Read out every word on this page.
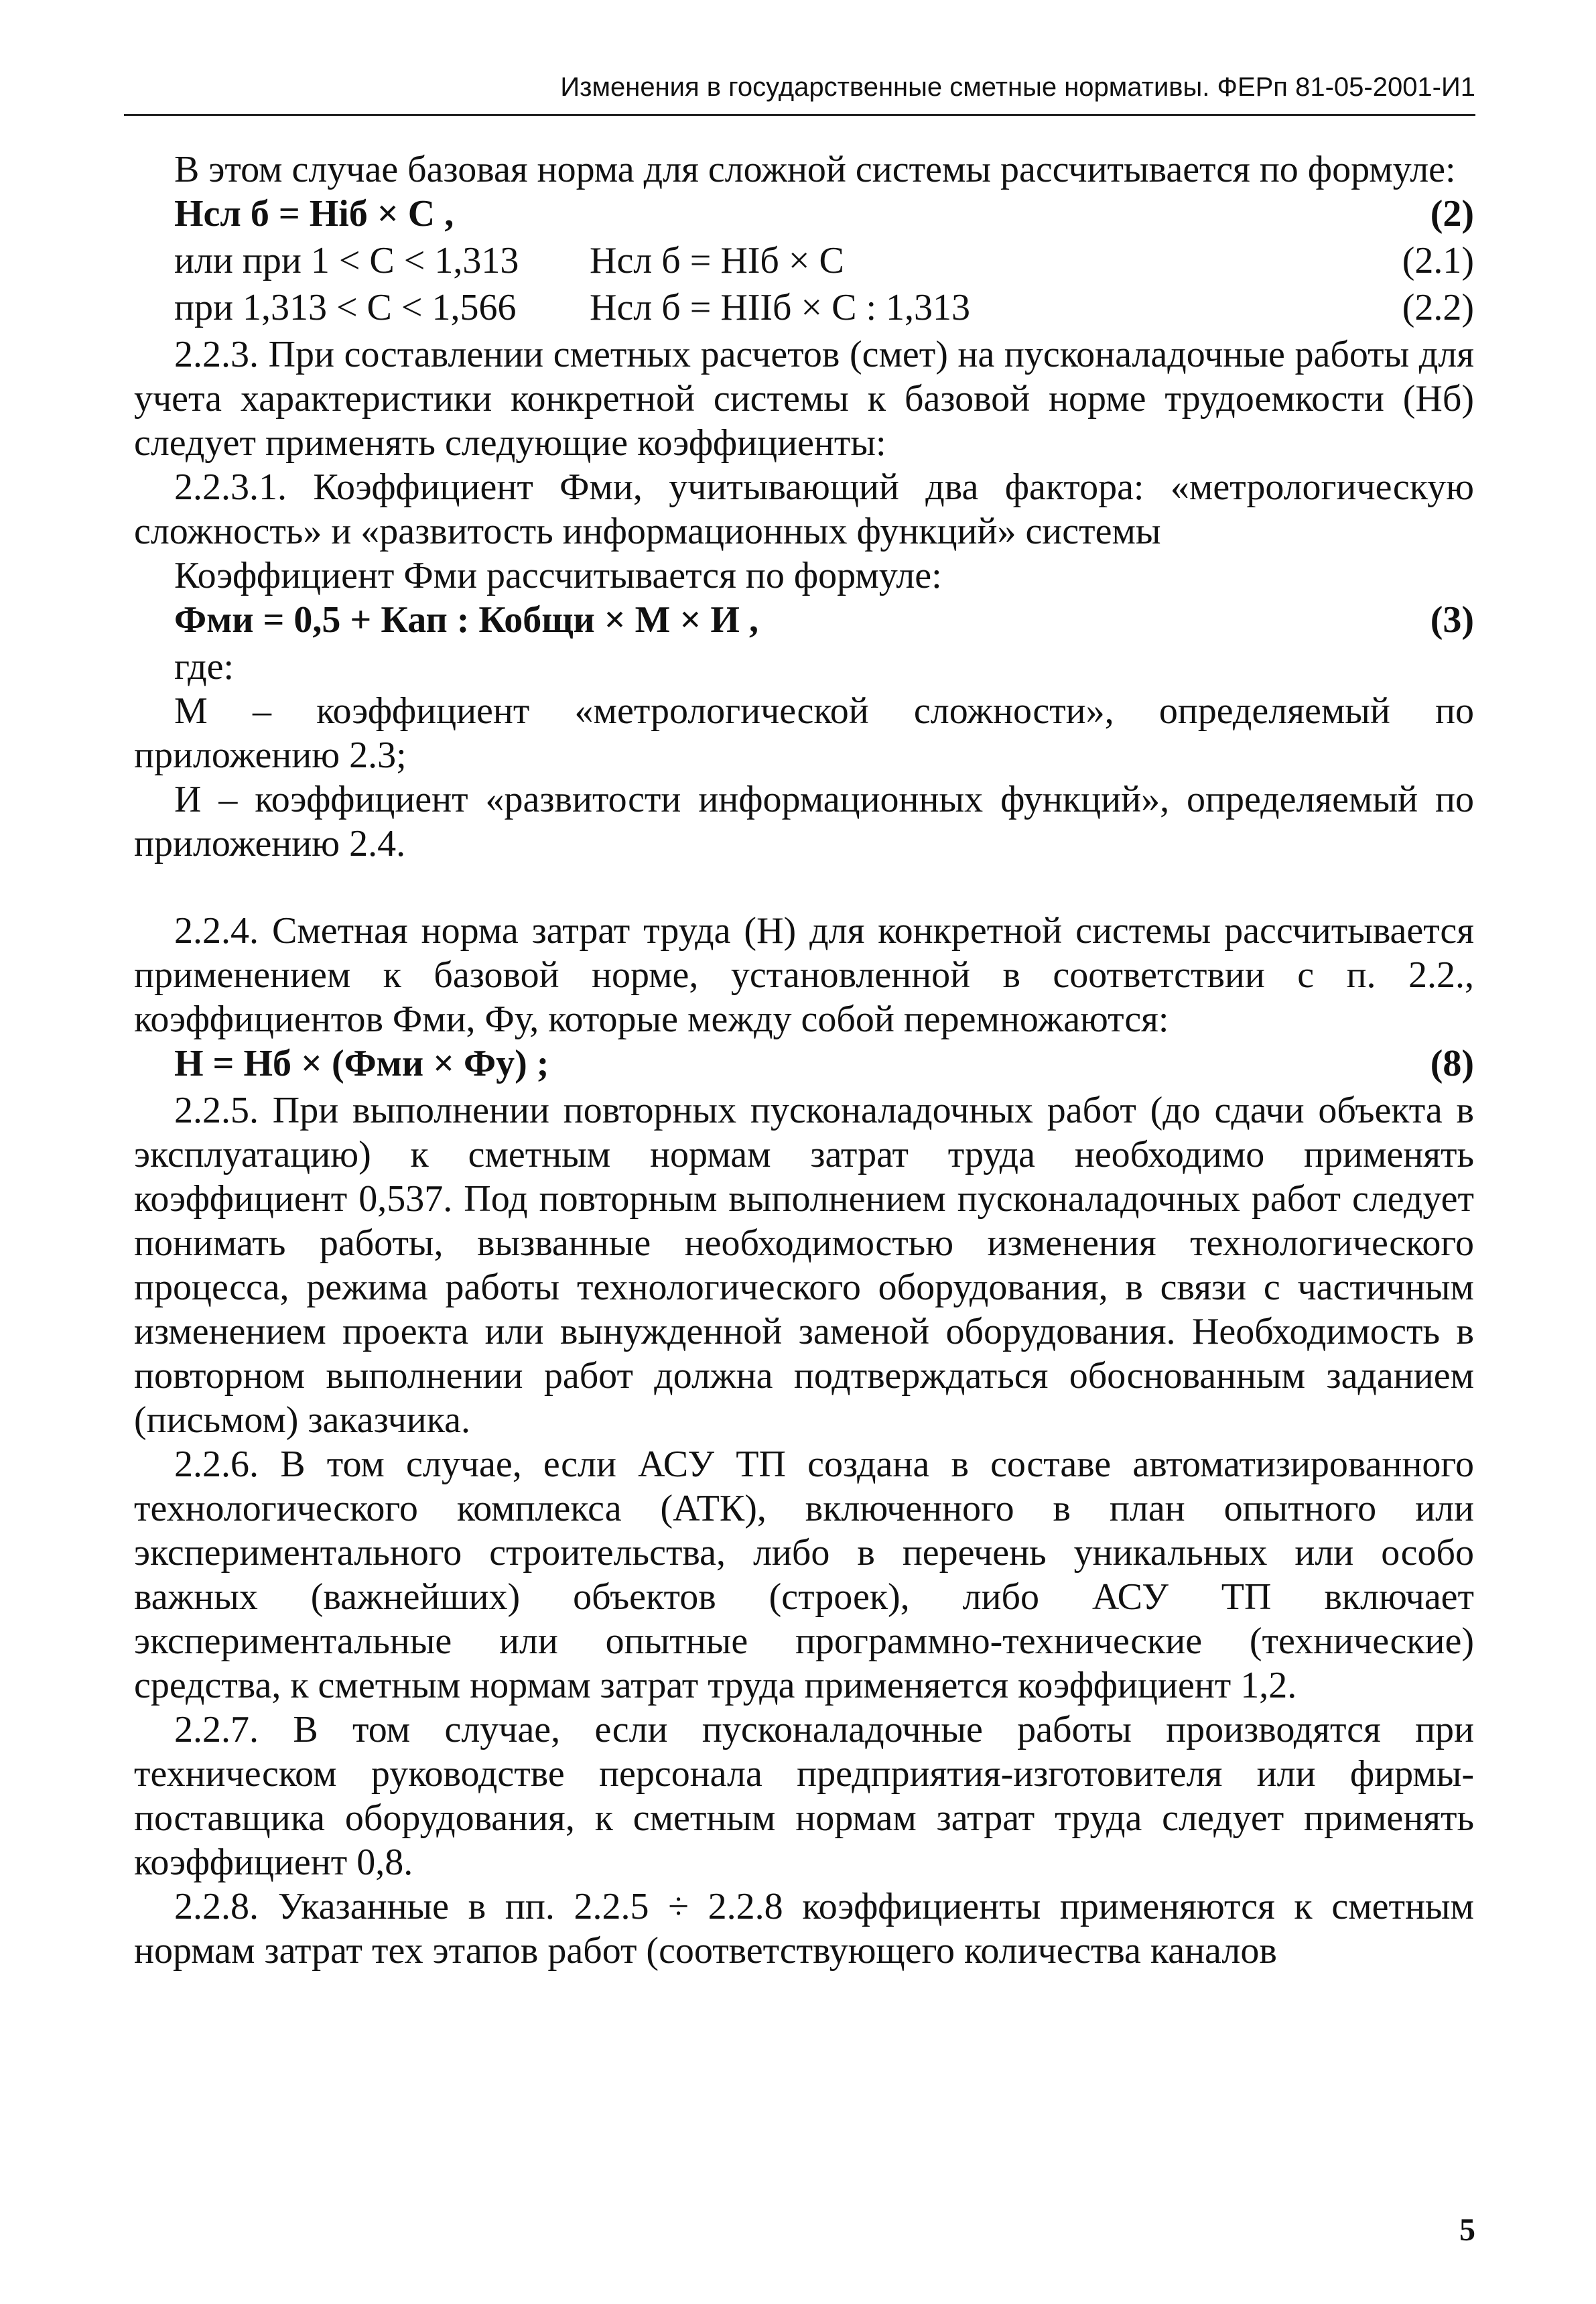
Изменения в государственные сметные нормативы. ФЕРп 81-05-2001-И1

В этом случае базовая норма для сложной системы рассчитывается по формуле:

Нсл б = Нiб × С ,	(2)
или при 1 < С < 1,313 Нсл б = НIб × С	(2.1)
при 1,313 < С < 1,566 Нсл б = НIIб × С : 1,313	(2.2)

2.2.3. При составлении сметных расчетов (смет) на пусконаладочные работы для учета характеристики конкретной системы к базовой норме трудоемкости (Нб) следует применять следующие коэффициенты:

2.2.3.1. Коэффициент Фми, учитывающий два фактора: «метрологическую сложность» и «развитость информационных функций» системы

Коэффициент Фми рассчитывается по формуле:

Фми = 0,5 + Кап : Кобщи × М × И ,	(3)

где:

М – коэффициент «метрологической сложности», определяемый по приложению 2.3;

И – коэффициент «развитости информационных функций», определяемый по приложению 2.4.

2.2.4. Сметная норма затрат труда (Н) для конкретной системы рассчитывается применением к базовой норме, установленной в соответствии с п. 2.2., коэффициентов Фми, Фу, которые между собой перемножаются:

Н = Нб × (Фми × Фу) ;	(8)

2.2.5. При выполнении повторных пусконаладочных работ (до сдачи объекта в эксплуатацию) к сметным нормам затрат труда необходимо применять коэффициент 0,537. Под повторным выполнением пусконаладочных работ следует понимать работы, вызванные необходимостью изменения технологического процесса, режима работы технологического оборудования, в связи с частичным изменением проекта или вынужденной заменой оборудования. Необходимость в повторном выполнении работ должна подтверждаться обоснованным заданием (письмом) заказчика.

2.2.6. В том случае, если АСУ ТП создана в составе автоматизированного технологического комплекса (АТК), включенного в план опытного или экспериментального строительства, либо в перечень уникальных или особо важных (важнейших) объектов (строек), либо АСУ ТП включает экспериментальные или опытные программно-технические (технические) средства, к сметным нормам затрат труда применяется коэффициент 1,2.

2.2.7. В том случае, если пусконаладочные работы производятся при техническом руководстве персонала предприятия-изготовителя или фирмы-поставщика оборудования, к сметным нормам затрат труда следует применять коэффициент 0,8.

2.2.8. Указанные в пп. 2.2.5 ÷ 2.2.8 коэффициенты применяются к сметным нормам затрат тех этапов работ (соответствующего количества каналов

5
